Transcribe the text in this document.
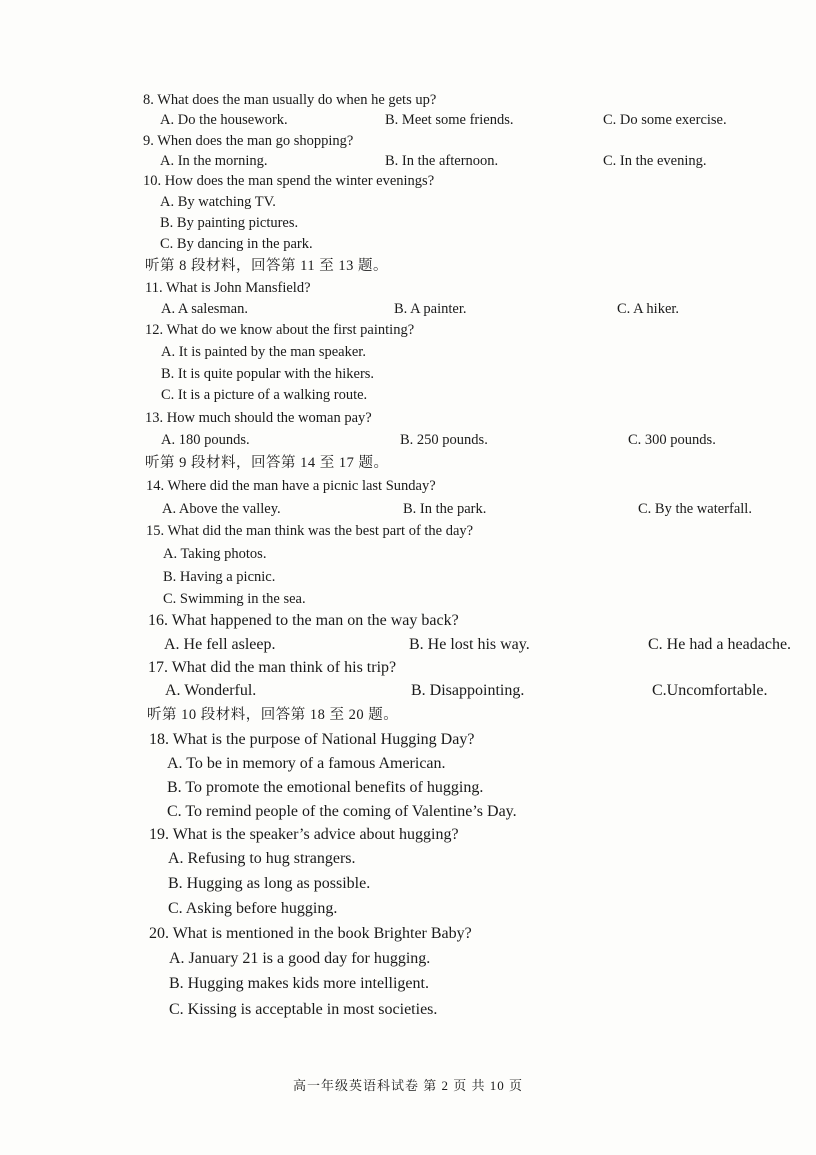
8. What does the man usually do when he gets up?
A. Do the housework.	B. Meet some friends.	C. Do some exercise.
9. When does the man go shopping?
A. In the morning.	B. In the afternoon.	C. In the evening.
10. How does the man spend the winter evenings?
A. By watching TV.
B. By painting pictures.
C. By dancing in the park.
听第 8 段材料，回答第 11 至 13 题。
11. What is John Mansfield?
A. A salesman.	B. A painter.	C. A hiker.
12. What do we know about the first painting?
A. It is painted by the man speaker.
B. It is quite popular with the hikers.
C. It is a picture of a walking route.
13. How much should the woman pay?
A. 180 pounds.	B. 250 pounds.	C. 300 pounds.
听第 9 段材料，回答第 14 至 17 题。
14. Where did the man have a picnic last Sunday?
A. Above the valley.	B. In the park.	C. By the waterfall.
15. What did the man think was the best part of the day?
A. Taking photos.
B. Having a picnic.
C. Swimming in the sea.
16. What happened to the man on the way back?
A. He fell asleep.	B. He lost his way.	C. He had a headache.
17. What did the man think of his trip?
A. Wonderful.	B. Disappointing.	C.Uncomfortable.
听第 10 段材料，回答第 18 至 20 题。
18. What is the purpose of National Hugging Day?
A. To be in memory of a famous American.
B. To promote the emotional benefits of hugging.
C. To remind people of the coming of Valentine’s Day.
19. What is the speaker’s advice about hugging?
A. Refusing to hug strangers.
B. Hugging as long as possible.
C. Asking before hugging.
20. What is mentioned in the book Brighter Baby?
A. January 21 is a good day for hugging.
B. Hugging makes kids more intelligent.
C. Kissing is acceptable in most societies.
高一年级英语科试卷 第 2 页 共 10 页
